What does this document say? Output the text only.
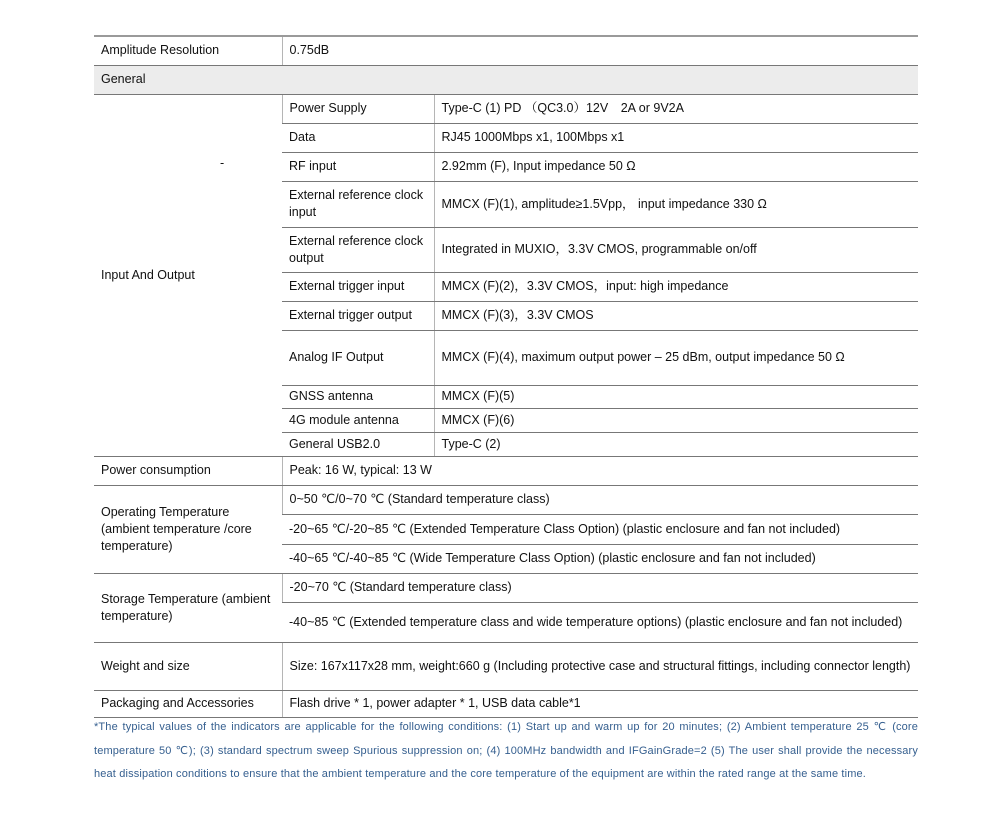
Amplitude Resolution	0.75dB	
General		
Input And Output	Power Supply	Type-C (1) PD （QC3.0）12V　2A or 9V2A
	Data	RJ45 1000Mbps x1, 100Mbps x1
	RF input	2.92mm (F), Input impedance 50 Ω
	External reference clock input	MMCX (F)(1), amplitude≥1.5Vpp， input impedance 330 Ω
	External reference clock output	Integrated in MUXIO，3.3V CMOS, programmable on/off
	External trigger input	MMCX (F)(2)，3.3V CMOS，input: high impedance
	External trigger output	MMCX (F)(3)，3.3V CMOS
	Analog IF Output	MMCX (F)(4), maximum output power – 25 dBm, output impedance 50 Ω
	GNSS antenna	MMCX (F)(5)
	4G module antenna	MMCX (F)(6)
	General USB2.0	Type-C (2)
Power consumption	Peak: 16 W, typical: 13 W	
Operating Temperature (ambient temperature /core temperature)	0~50 ℃/0~70 ℃ (Standard temperature class)	
	-20~65 ℃/-20~85 ℃ (Extended Temperature Class Option) (plastic enclosure and fan not included)	
	-40~65 ℃/-40~85 ℃ (Wide Temperature Class Option) (plastic enclosure and fan not included)	
Storage Temperature (ambient temperature)	-20~70 ℃ (Standard temperature class)	
	-40~85 ℃ (Extended temperature class and wide temperature options) (plastic enclosure and fan not included)	
Weight and size	Size: 167x117x28 mm, weight:660 g (Including protective case and structural fittings, including connector length)	
Packaging and Accessories	Flash drive * 1, power adapter * 1, USB data cable*1	
-
*The typical values of the indicators are applicable for the following conditions: (1) Start up and warm up for 20 minutes; (2) Ambient temperature 25 ℃ (core temperature 50 ℃); (3) standard spectrum sweep Spurious suppression on; (4) 100MHz bandwidth and IFGainGrade=2 (5) The user shall provide the necessary heat dissipation conditions to ensure that the ambient temperature and the core temperature of the equipment are within the rated range at the same time.
